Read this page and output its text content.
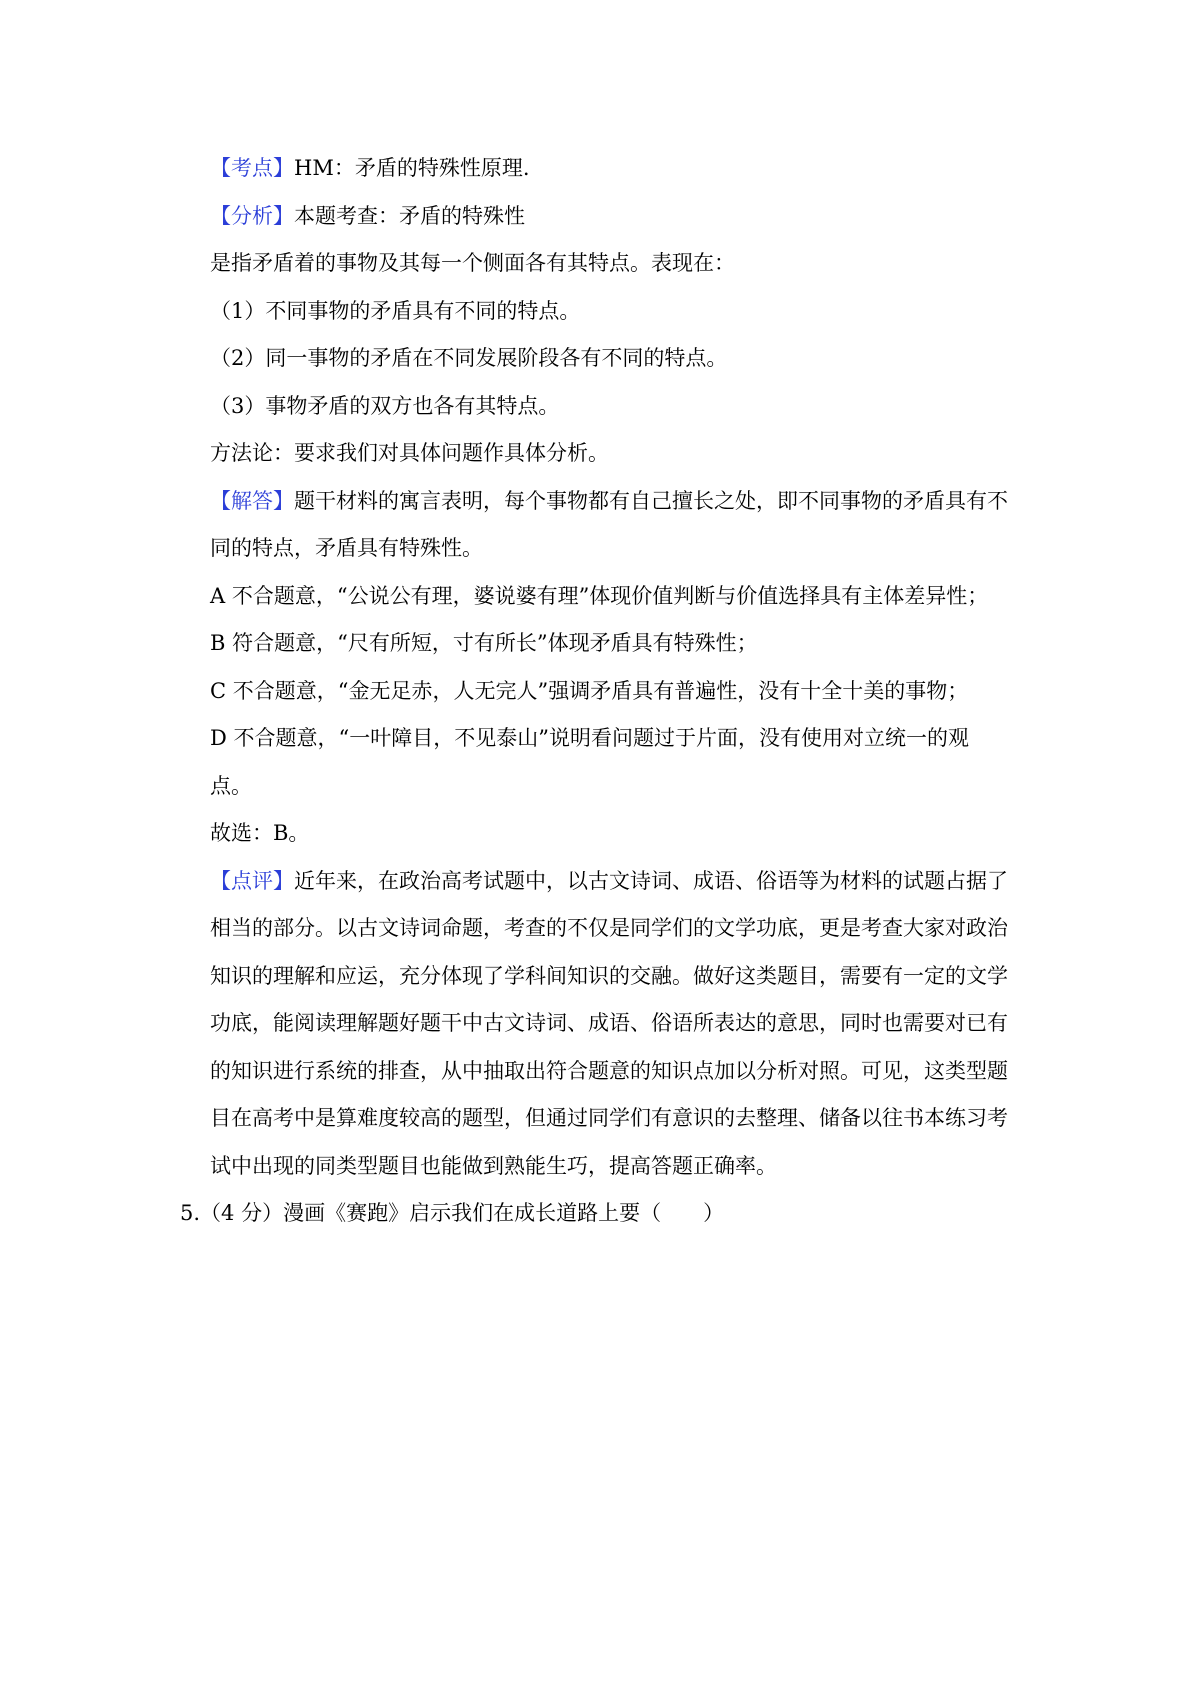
【考点】HM：矛盾的特殊性原理.
【分析】本题考查：矛盾的特殊性
是指矛盾着的事物及其每一个侧面各有其特点。表现在：
（1）不同事物的矛盾具有不同的特点。
（2）同一事物的矛盾在不同发展阶段各有不同的特点。
（3）事物矛盾的双方也各有其特点。
方法论：要求我们对具体问题作具体分析。
【解答】题干材料的寓言表明，每个事物都有自己擅长之处，即不同事物的矛盾具有不
同的特点，矛盾具有特殊性。
A 不合题意，“公说公有理，婆说婆有理”体现价值判断与价值选择具有主体差异性；
B 符合题意，“尺有所短，寸有所长”体现矛盾具有特殊性；
C 不合题意，“金无足赤，人无完人”强调矛盾具有普遍性，没有十全十美的事物；
D 不合题意，“一叶障目，不见泰山”说明看问题过于片面，没有使用对立统一的观
点。
故选：B。
【点评】近年来，在政治高考试题中，以古文诗词、成语、俗语等为材料的试题占据了
相当的部分。以古文诗词命题，考查的不仅是同学们的文学功底，更是考查大家对政治
知识的理解和应运，充分体现了学科间知识的交融。做好这类题目，需要有一定的文学
功底，能阅读理解题好题干中古文诗词、成语、俗语所表达的意思，同时也需要对已有
的知识进行系统的排查，从中抽取出符合题意的知识点加以分析对照。可见，这类型题
目在高考中是算难度较高的题型，但通过同学们有意识的去整理、储备以往书本练习考
试中出现的同类型题目也能做到熟能生巧，提高答题正确率。
5.（4 分）漫画《赛跑》启示我们在成长道路上要（　　）
